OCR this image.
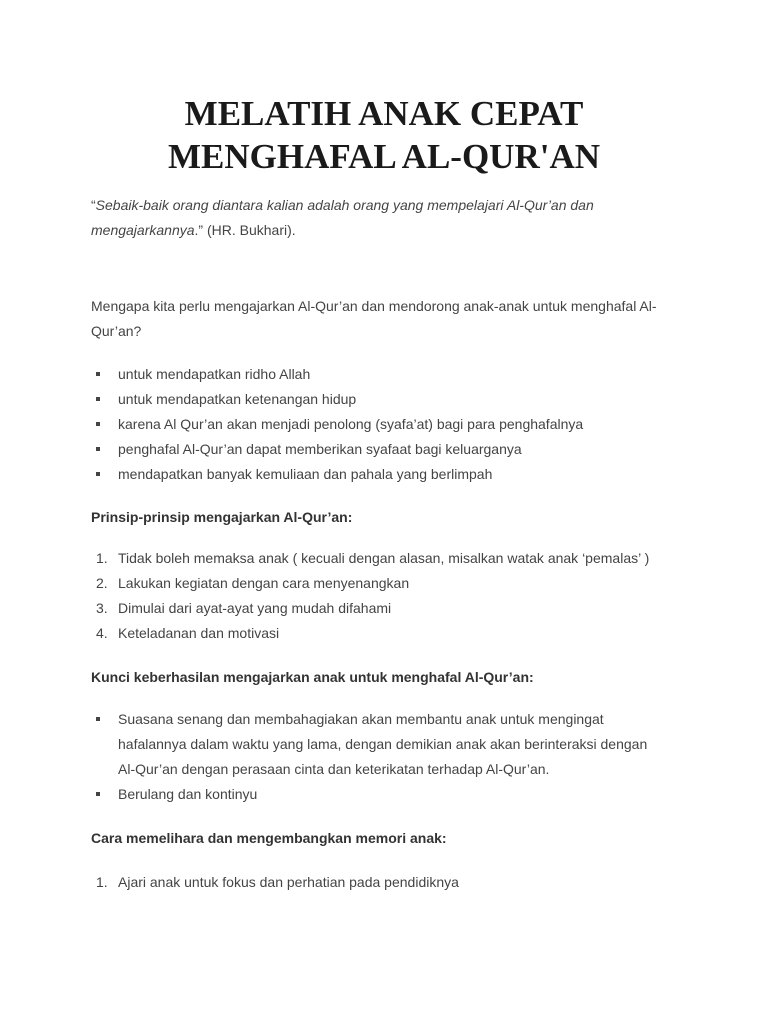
MELATIH ANAK CEPAT
MENGHAFAL AL-QUR'AN

“Sebaik-baik orang diantara kalian adalah orang yang mempelajari Al-Qur’an dan
mengajarkannya.” (HR. Bukhari).

Mengapa kita perlu mengajarkan Al-Qur’an dan mendorong anak-anak untuk menghafal Al-
Qur’an?

untuk mendapatkan ridho Allah
untuk mendapatkan ketenangan hidup
karena Al Qur’an akan menjadi penolong (syafa’at) bagi para penghafalnya
penghafal Al-Qur’an dapat memberikan syafaat bagi keluarganya
mendapatkan banyak kemuliaan dan pahala yang berlimpah

Prinsip-prinsip mengajarkan Al-Qur’an:

1. Tidak boleh memaksa anak ( kecuali dengan alasan, misalkan watak anak ‘pemalas’ )
2. Lakukan kegiatan dengan cara menyenangkan
3. Dimulai dari ayat-ayat yang mudah difahami
4. Keteladanan dan motivasi

Kunci keberhasilan mengajarkan anak untuk menghafal Al-Qur’an:

Suasana senang dan membahagiakan akan membantu anak untuk mengingat
hafalannya dalam waktu yang lama, dengan demikian anak akan berinteraksi dengan
Al-Qur’an dengan perasaan cinta dan keterikatan terhadap Al-Qur’an.
Berulang dan kontinyu

Cara memelihara dan mengembangkan memori anak:

1. Ajari anak untuk fokus dan perhatian pada pendidiknya
